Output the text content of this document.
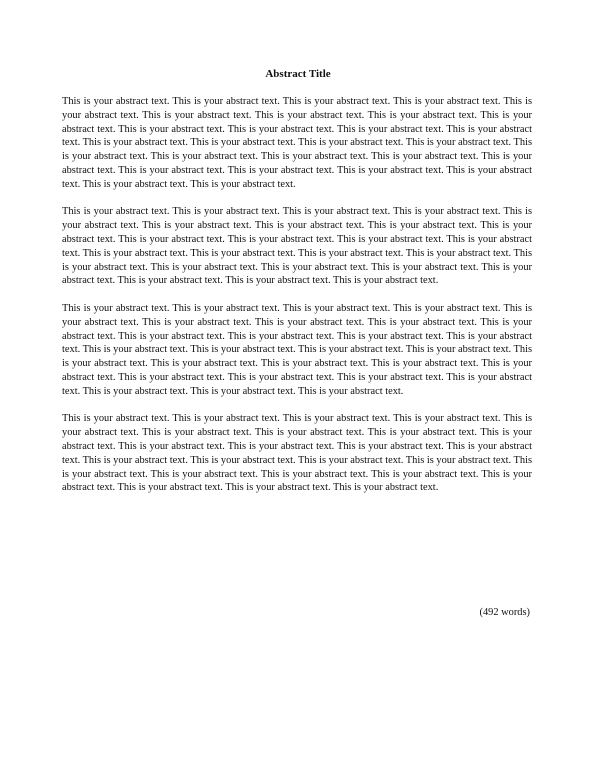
Abstract Title

This is your abstract text. This is your abstract text. This is your abstract text. This is your abstract text. This is your abstract text. This is your abstract text. This is your abstract text. This is your abstract text. This is your abstract text. This is your abstract text. This is your abstract text. This is your abstract text. This is your abstract text. This is your abstract text. This is your abstract text. This is your abstract text. This is your abstract text. This is your abstract text. This is your abstract text. This is your abstract text. This is your abstract text. This is your abstract text. This is your abstract text. This is your abstract text. This is your abstract text. This is your abstract text. This is your abstract text. This is your abstract text.

This is your abstract text. This is your abstract text. This is your abstract text. This is your abstract text. This is your abstract text. This is your abstract text. This is your abstract text. This is your abstract text. This is your abstract text. This is your abstract text. This is your abstract text. This is your abstract text. This is your abstract text. This is your abstract text. This is your abstract text. This is your abstract text. This is your abstract text. This is your abstract text. This is your abstract text. This is your abstract text. This is your abstract text. This is your abstract text. This is your abstract text. This is your abstract text. This is your abstract text.

This is your abstract text. This is your abstract text. This is your abstract text. This is your abstract text. This is your abstract text. This is your abstract text. This is your abstract text. This is your abstract text. This is your abstract text. This is your abstract text. This is your abstract text. This is your abstract text. This is your abstract text. This is your abstract text. This is your abstract text. This is your abstract text. This is your abstract text. This is your abstract text. This is your abstract text. This is your abstract text. This is your abstract text. This is your abstract text. This is your abstract text. This is your abstract text. This is your abstract text. This is your abstract text. This is your abstract text. This is your abstract text. This is your abstract text.

This is your abstract text. This is your abstract text. This is your abstract text. This is your abstract text. This is your abstract text. This is your abstract text. This is your abstract text. This is your abstract text. This is your abstract text. This is your abstract text. This is your abstract text. This is your abstract text. This is your abstract text. This is your abstract text. This is your abstract text. This is your abstract text. This is your abstract text. This is your abstract text. This is your abstract text. This is your abstract text. This is your abstract text. This is your abstract text. This is your abstract text. This is your abstract text. This is your abstract text.

(492 words)
